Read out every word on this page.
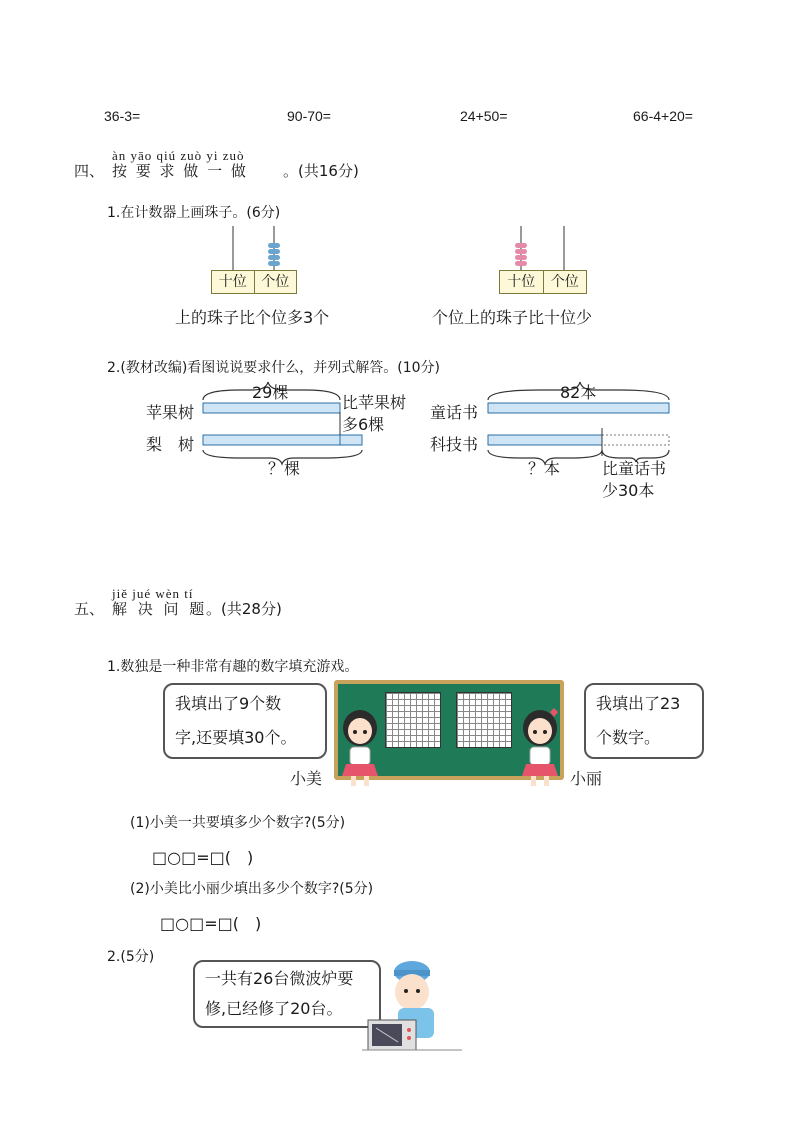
36-3=	90-70=	24+50=	66-4+20=
àn yāo qiú zuò yi zuò
四、 按 要 求 做 一 做 。(共16分)
1.在计数器上画珠子。(6分)
十位	个位
上的珠子比个位多3个
十位	个位
个位上的珠子比十位少
2.(教材改编)看图说说要求什么，并列式解答。(10分)
29棵
苹果树
梨　树
比苹果树
多6棵
？棵
82本
童话书
科技书
？本	比童话书
少30本
jiě jué wèn tí
五、 解 决 问 题
。(共28分)
1.数独是一种非常有趣的数字填充游戏。
我填出了9个数
字,还要填30个。
我填出了23
个数字。
小美	小丽
(1)小美一共要填多少个数字?(5分)
□○□=□(　)
(2)小美比小丽少填出多少个数字?(5分)
□○□=□(　)
2.(5分)
一共有26台微波炉要
修,已经修了20台。
